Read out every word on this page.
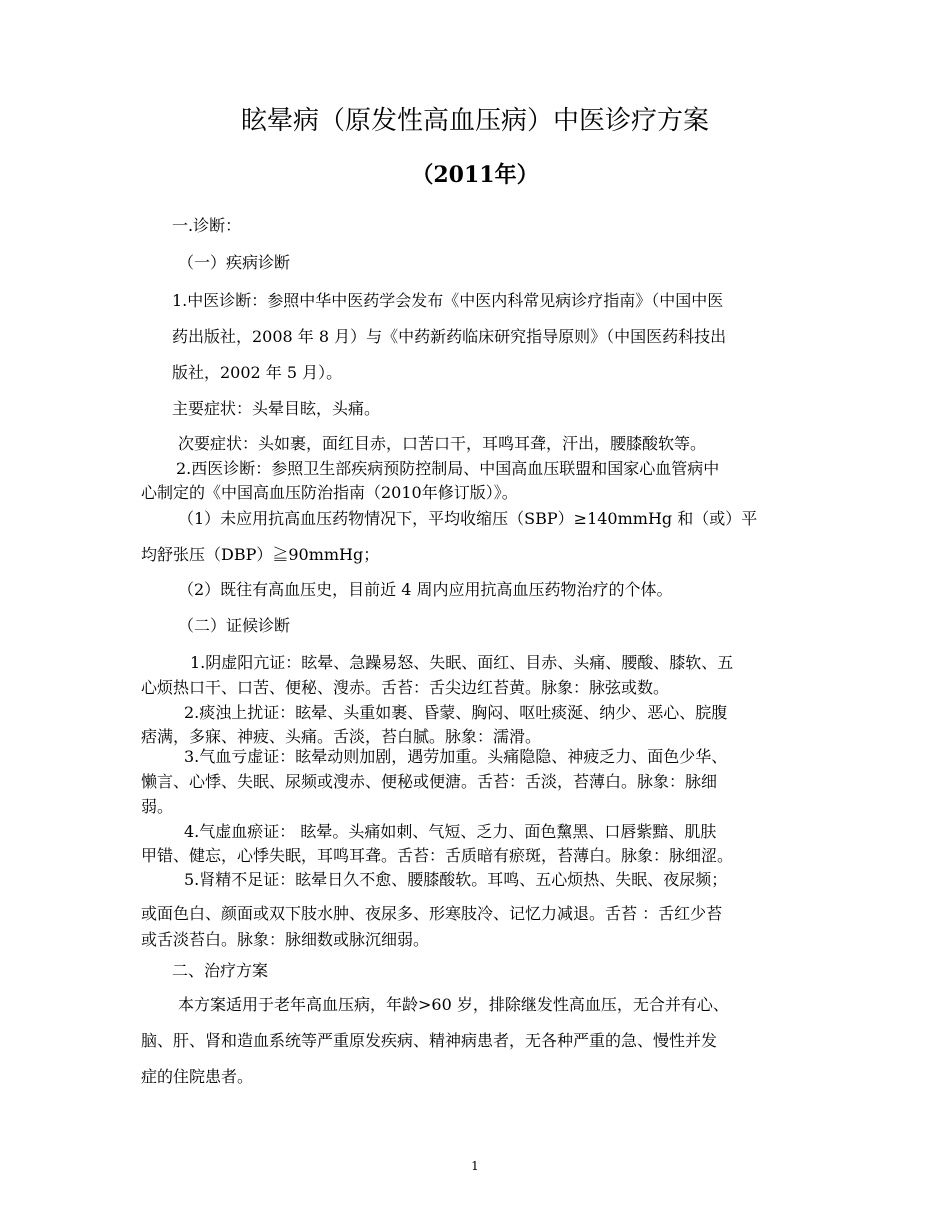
眩晕病（原发性高血压病）中医诊疗方案
（2011年）
一.诊断：
（一）疾病诊断
1.中医诊断：参照中华中医药学会发布《中医内科常见病诊疗指南》（中国中医
药出版社，2008 年 8 月）与《中药新药临床研究指导原则》（中国医药科技出
版社，2002 年 5 月）。
主要症状：头晕目眩，头痛。
次要症状：头如裹，面红目赤，口苦口干，耳鸣耳聋，汗出，腰膝酸软等。
2.西医诊断：参照卫生部疾病预防控制局、中国高血压联盟和国家心血管病中
心制定的《中国高血压防治指南（2010年修订版）》。
（1）未应用抗高血压药物情况下，平均收缩压（SBP）≥140mmHg 和（或）平
均舒张压（DBP）≧90mmHg；
（2）既往有高血压史，目前近 4 周内应用抗高血压药物治疗的个体。
（二）证候诊断
1.阴虚阳亢证：眩晕、急躁易怒、失眠、面红、目赤、头痛、腰酸、膝软、五
心烦热口干、口苦、便秘、溲赤。舌苔：舌尖边红苔黄。脉象：脉弦或数。
2.痰浊上扰证：眩晕、头重如裹、昏蒙、胸闷、呕吐痰涎、纳少、恶心、脘腹
痞满，多寐、神疲、头痛。舌淡，苔白腻。脉象：濡滑。
3.气血亏虚证：眩晕动则加剧，遇劳加重。头痛隐隐、神疲乏力、面色少华、
懒言、心悸、失眠、尿频或溲赤、便秘或便溏。舌苔：舌淡，苔薄白。脉象：脉细
弱。
4.气虚血瘀证： 眩晕。头痛如刺、气短、乏力、面色黧黑、口唇紫黯、肌肤
甲错、健忘，心悸失眠，耳鸣耳聋。舌苔：舌质暗有瘀斑，苔薄白。脉象：脉细涩。
5.肾精不足证：眩晕日久不愈、腰膝酸软。耳鸣、五心烦热、失眠、夜尿频；
或面色白、颜面或双下肢水肿、夜尿多、形寒肢冷、记忆力减退。舌苔 ：舌红少苔
或舌淡苔白。脉象：脉细数或脉沉细弱。
二、治疗方案
本方案适用于老年高血压病，年龄>60 岁，排除继发性高血压，无合并有心、
脑、肝、肾和造血系统等严重原发疾病、精神病患者，无各种严重的急、慢性并发
症的住院患者。
1
